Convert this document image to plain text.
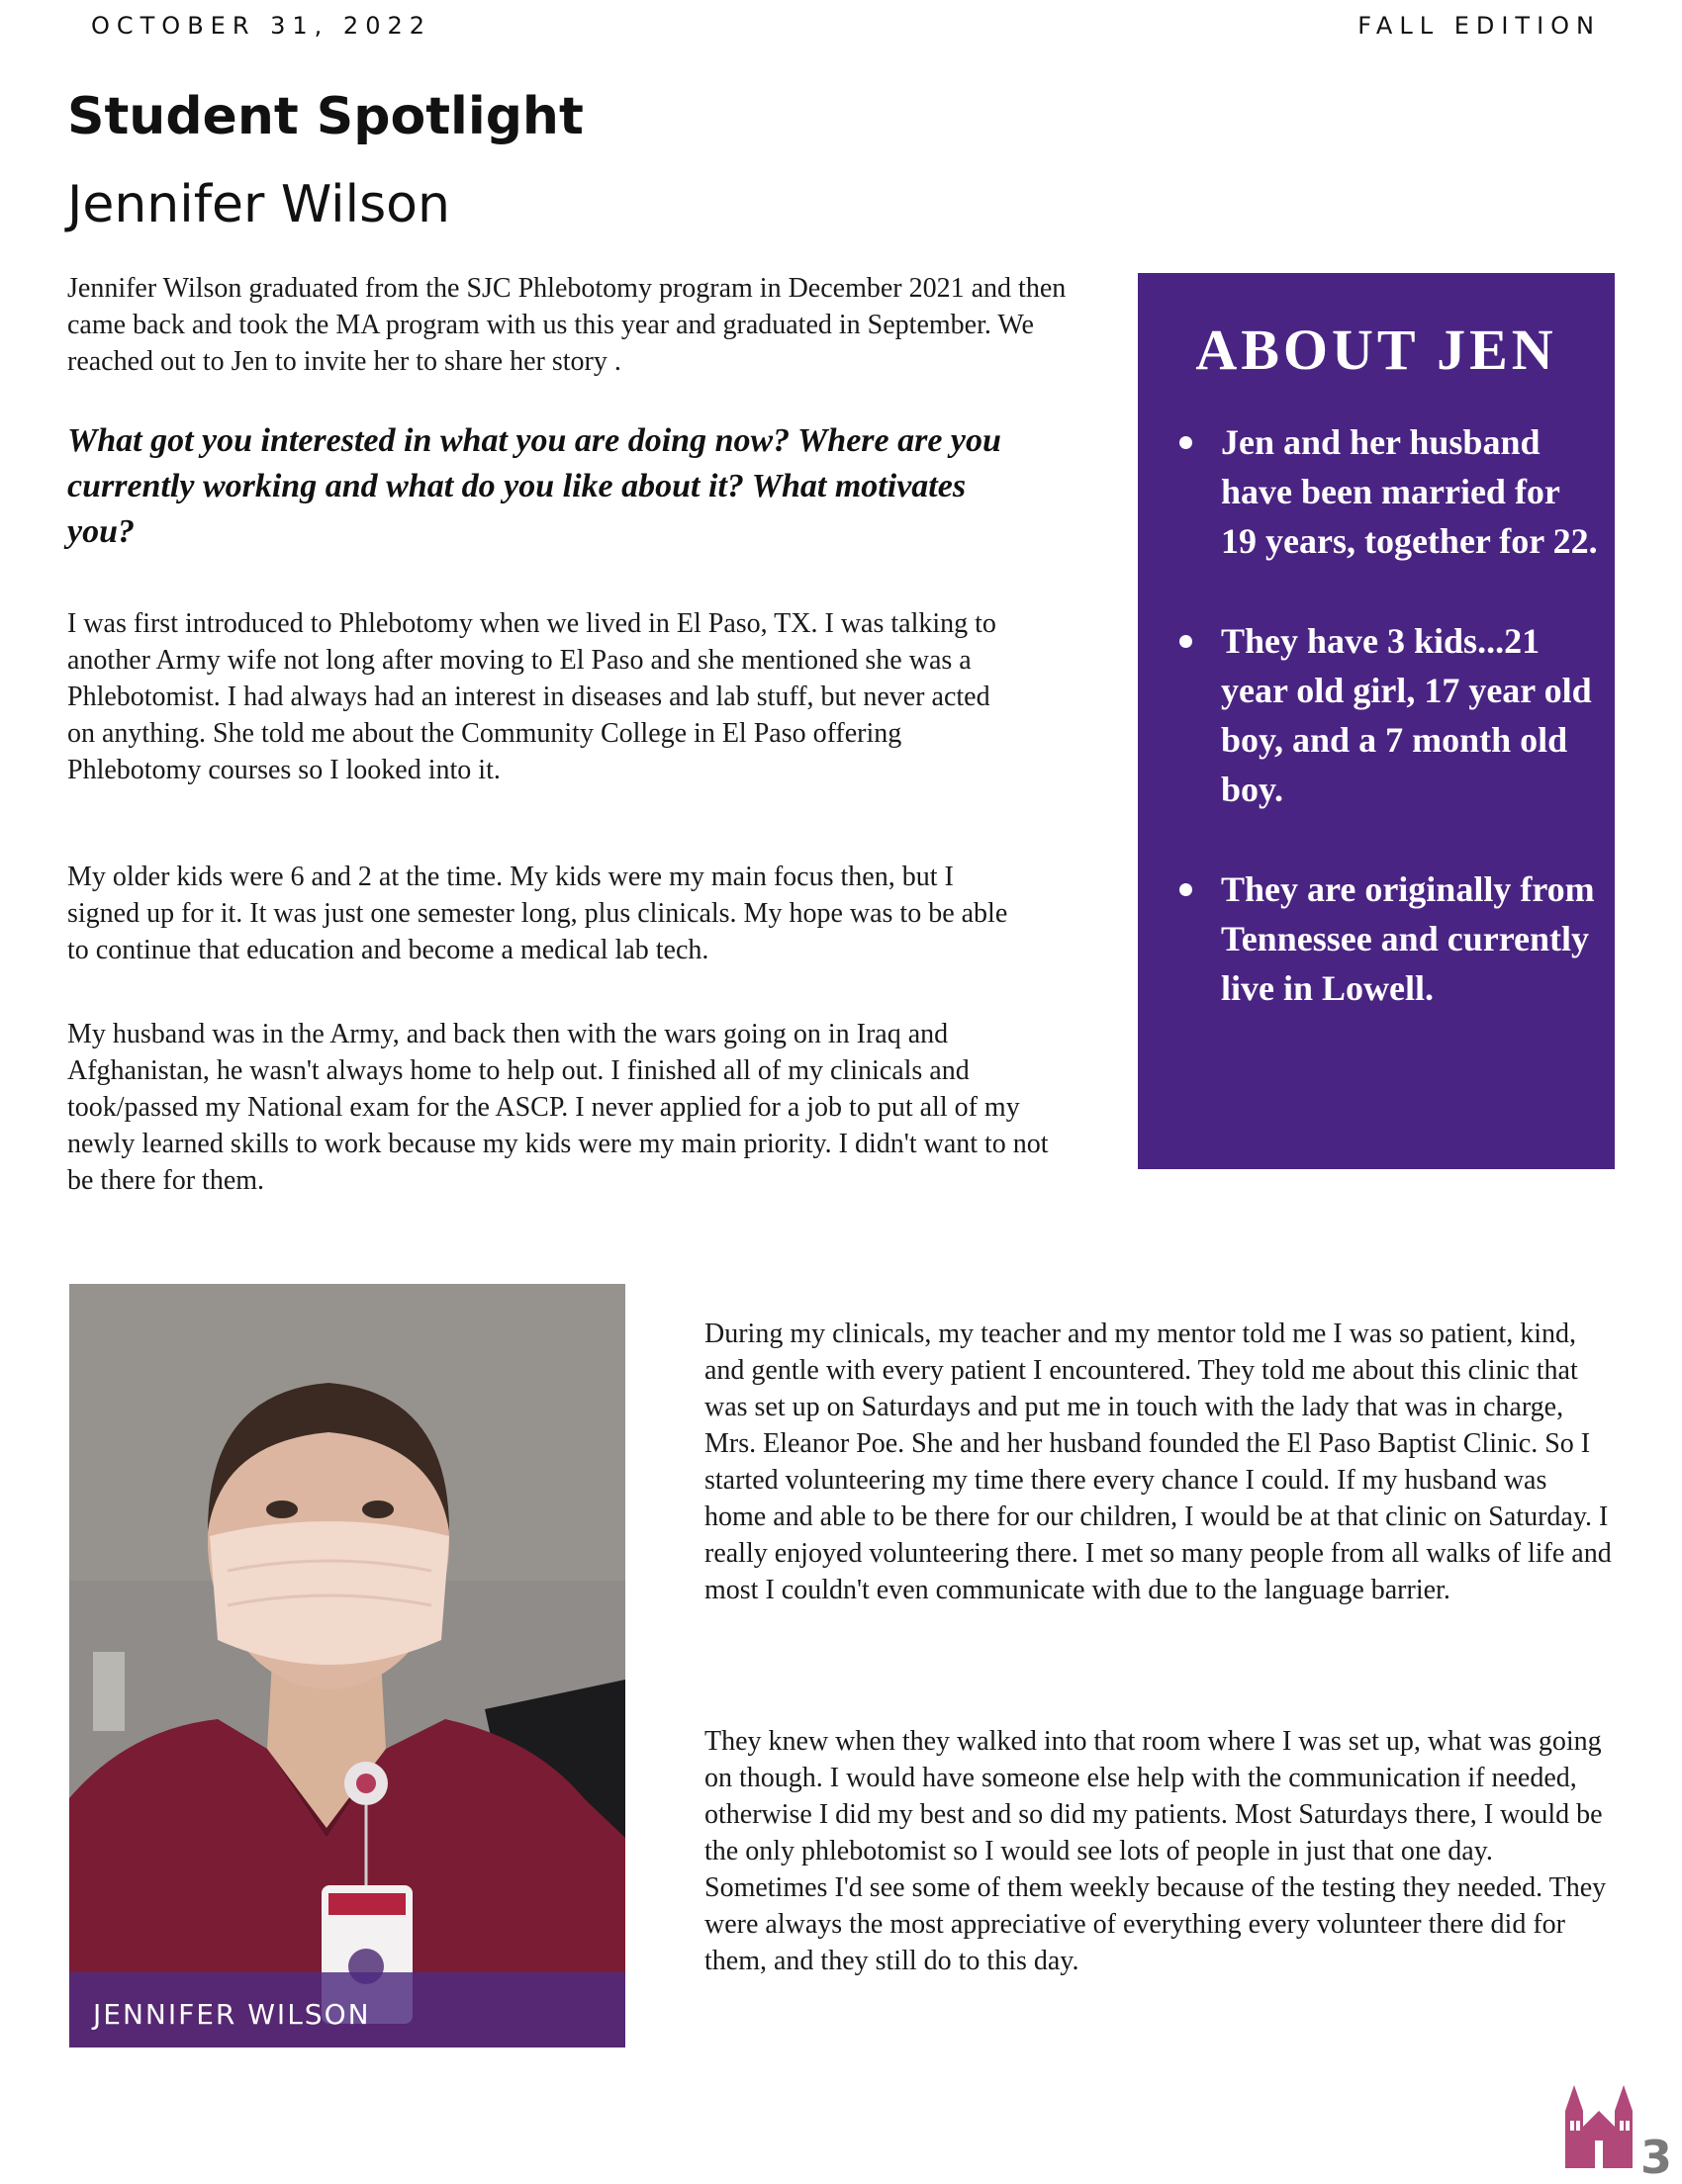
OCTOBER 31, 2022	FALL EDITION
Student Spotlight
Jennifer Wilson

Jennifer Wilson graduated from the SJC Phlebotomy program in December 2021 and then came back and took the MA program with us this year and graduated in September. We reached out to Jen to invite her to share her story .

What got you interested in what you are doing now? Where are you currently working and what do you like about it? What motivates you?

I was first introduced to Phlebotomy when we lived in El Paso, TX. I was talking to another Army wife not long after moving to El Paso and she mentioned she was a Phlebotomist. I had always had an interest in diseases and lab stuff, but never acted on anything. She told me about the Community College in El Paso offering Phlebotomy courses so I looked into it.

My older kids were 6 and 2 at the time. My kids were my main focus then, but I signed up for it. It was just one semester long, plus clinicals. My hope was to be able to continue that education and become a medical lab tech.

My husband was in the Army, and back then with the wars going on in Iraq and Afghanistan, he wasn't always home to help out. I finished all of my clinicals and took/passed my National exam for the ASCP. I never applied for a job to put all of my newly learned skills to work because my kids were my main priority. I didn't want to not be there for them.

During my clinicals, my teacher and my mentor told me I was so patient, kind, and gentle with every patient I encountered. They told me about this clinic that was set up on Saturdays and put me in touch with the lady that was in charge, Mrs. Eleanor Poe. She and her husband founded the El Paso Baptist Clinic. So I started volunteering my time there every chance I could. If my husband was home and able to be there for our children, I would be at that clinic on Saturday. I really enjoyed volunteering there. I met so many people from all walks of life and most I couldn't even communicate with due to the language barrier.

They knew when they walked into that room where I was set up, what was going on though. I would have someone else help with the communication if needed, otherwise I did my best and so did my patients. Most Saturdays there, I would be the only phlebotomist so I would see lots of people in just that one day. Sometimes I'd see some of them weekly because of the testing they needed. They were always the most appreciative of everything every volunteer there did for them, and they still do to this day.

ABOUT JEN
Jen and her husband have been married for 19 years, together for 22.
They have 3 kids...21 year old girl, 17 year old boy, and a 7 month old boy.
They are originally from Tennessee and currently live in Lowell.
JENNIFER WILSON
3
